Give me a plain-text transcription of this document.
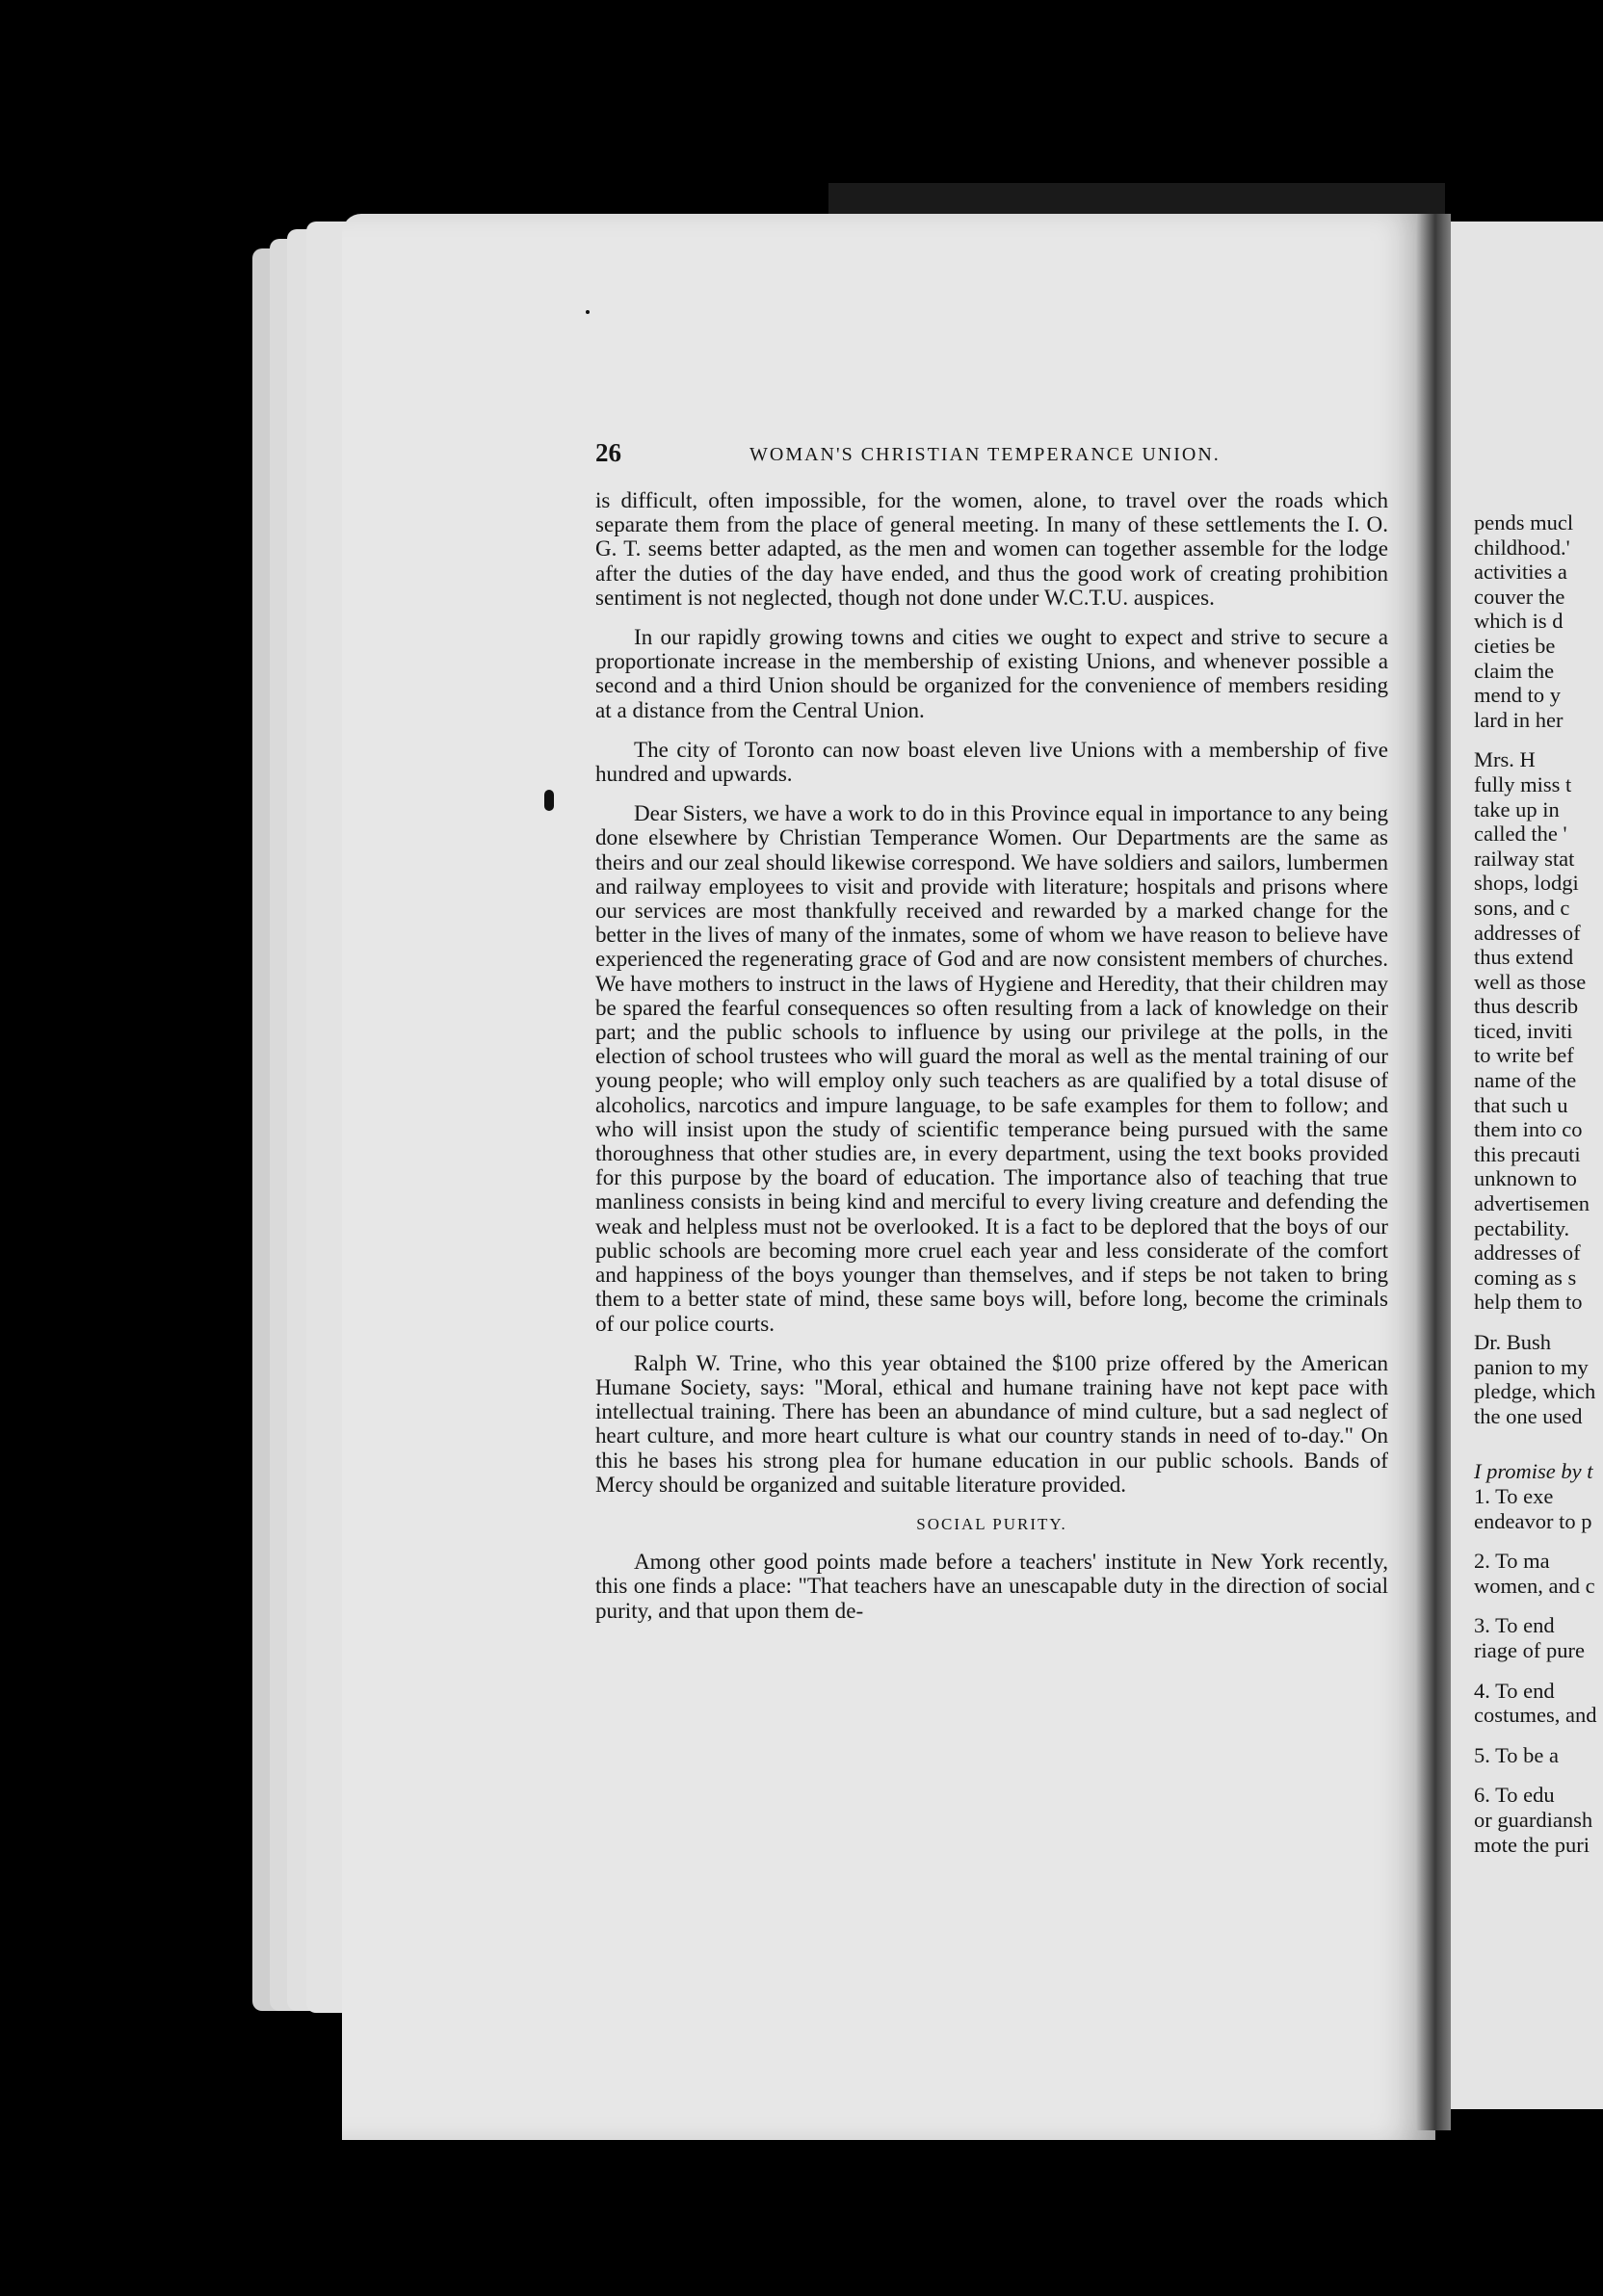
26	WOMAN'S CHRISTIAN TEMPERANCE UNION.

is difficult, often impossible, for the women, alone, to travel over the roads which separate them from the place of general meeting. In many of these settlements the I. O. G. T. seems better adapted, as the men and women can together assemble for the lodge after the duties of the day have ended, and thus the good work of creating prohibition sentiment is not neglected, though not done under W.C.T.U. auspices.

In our rapidly growing towns and cities we ought to expect and strive to secure a proportionate increase in the membership of existing Unions, and whenever possible a second and a third Union should be organized for the convenience of members residing at a distance from the Central Union.

The city of Toronto can now boast eleven live Unions with a membership of five hundred and upwards.

Dear Sisters, we have a work to do in this Province equal in importance to any being done elsewhere by Christian Temperance Women. Our Departments are the same as theirs and our zeal should likewise correspond. We have soldiers and sailors, lumbermen and railway employees to visit and provide with literature; hospitals and prisons where our services are most thankfully received and rewarded by a marked change for the better in the lives of many of the inmates, some of whom we have reason to believe have experienced the regenerating grace of God and are now consistent members of churches. We have mothers to instruct in the laws of Hygiene and Heredity, that their children may be spared the fearful consequences so often resulting from a lack of knowledge on their part; and the public schools to influence by using our privilege at the polls, in the election of school trustees who will guard the moral as well as the mental training of our young people; who will employ only such teachers as are qualified by a total disuse of alcoholics, narcotics and impure language, to be safe examples for them to follow; and who will insist upon the study of scientific temperance being pursued with the same thoroughness that other studies are, in every department, using the text books provided for this purpose by the board of education. The importance also of teaching that true manliness consists in being kind and merciful to every living creature and defending the weak and helpless must not be overlooked. It is a fact to be deplored that the boys of our public schools are becoming more cruel each year and less considerate of the comfort and happiness of the boys younger than themselves, and if steps be not taken to bring them to a better state of mind, these same boys will, before long, become the criminals of our police courts.

Ralph W. Trine, who this year obtained the $100 prize offered by the American Humane Society, says: "Moral, ethical and humane training have not kept pace with intellectual training. There has been an abundance of mind culture, but a sad neglect of heart culture, and more heart culture is what our country stands in need of to-day." On this he bases his strong plea for humane education in our public schools. Bands of Mercy should be organized and suitable literature provided.

SOCIAL PURITY.

Among other good points made before a teachers' institute in New York recently, this one finds a place: "That teachers have an unescapable duty in the direction of social purity, and that upon them de-

pends mucl
childhood.'
activities a
couver the
which is d
cieties be
claim the
mend to y
lard in her
Mrs. H
fully miss t
take up in
called the '
railway stat
shops, lodgi
sons, and c
addresses of
thus extend
well as those
thus describ
ticed, inviti
to write bef
name of the
that such u
them into co
this precauti
unknown to
advertisemen
pectability.
addresses of
coming as s
help them to
Dr. Bush
panion to my
pledge, which
the one used
I promise by t
1. To exe
endeavor to p
2. To ma
women, and c
3. To end
riage of pure
4. To end
costumes, and
5. To be a
6. To edu
or guardiansh
mote the puri
